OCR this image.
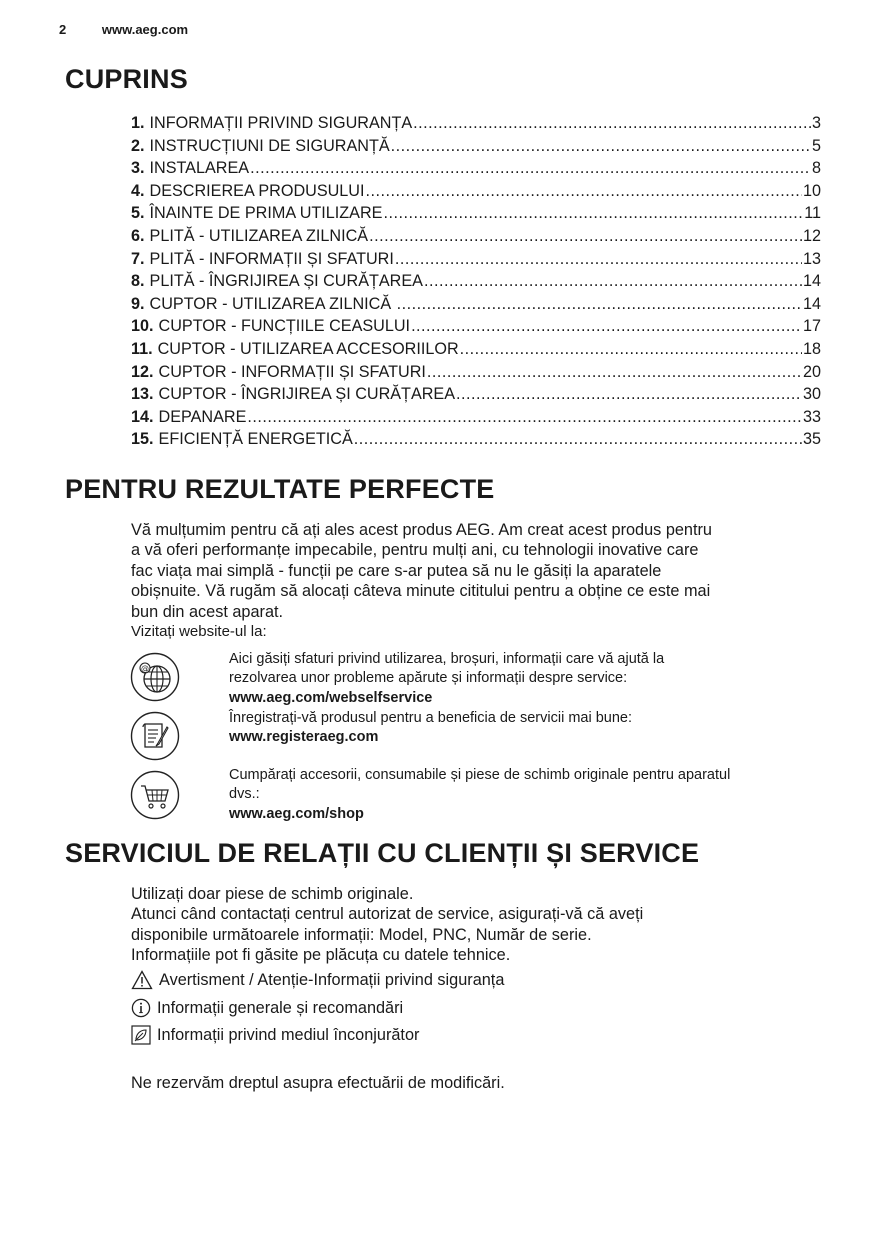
2	www.aeg.com
CUPRINS
1. INFORMAȚII PRIVIND SIGURANȚA .....	3
2. INSTRUCȚIUNI DE SIGURANȚĂ .....	5
3. INSTALAREA .....	8
4. DESCRIEREA PRODUSULUI .....	10
5. ÎNAINTE DE PRIMA UTILIZARE .....	11
6. PLITĂ - UTILIZAREA ZILNICĂ .....	12
7. PLITĂ - INFORMAȚII ȘI SFATURI .....	13
8. PLITĂ - ÎNGRIJIREA ȘI CURĂȚAREA .....	14
9. CUPTOR - UTILIZAREA ZILNICĂ .....	14
10. CUPTOR - FUNCȚIILE CEASULUI .....	17
11. CUPTOR - UTILIZAREA ACCESORIILOR .....	18
12. CUPTOR - INFORMAȚII ȘI SFATURI .....	20
13. CUPTOR - ÎNGRIJIREA ȘI CURĂȚAREA .....	30
14. DEPANARE .....	33
15. EFICIENȚĂ ENERGETICĂ .....	35
PENTRU REZULTATE PERFECTE
Vă mulțumim pentru că ați ales acest produs AEG. Am creat acest produs pentru
a vă oferi performanțe impecabile, pentru mulți ani, cu tehnologii inovative care
fac viața mai simplă - funcții pe care s-ar putea să nu le găsiți la aparatele
obișnuite. Vă rugăm să alocați câteva minute cititului pentru a obține ce este mai
bun din acest aparat.
Vizitați website-ul la:
@
Aici găsiți sfaturi privind utilizarea, broșuri, informații care vă ajută la
rezolvarea unor probleme apărute și informații despre service:
www.aeg.com/webselfservice
Înregistrați-vă produsul pentru a beneficia de servicii mai bune:
www.registeraeg.com
Cumpărați accesorii, consumabile și piese de schimb originale pentru aparatul
dvs.:
www.aeg.com/shop
SERVICIUL DE RELAȚII CU CLIENȚII ȘI SERVICE
Utilizați doar piese de schimb originale.
Atunci când contactați centrul autorizat de service, asigurați-vă că aveți
disponibile următoarele informații: Model, PNC, Număr de serie.
Informațiile pot fi găsite pe plăcuța cu datele tehnice.
Avertisment / Atenție-Informații privind siguranța
Informații generale și recomandări
Informații privind mediul înconjurător
Ne rezervăm dreptul asupra efectuării de modificări.
